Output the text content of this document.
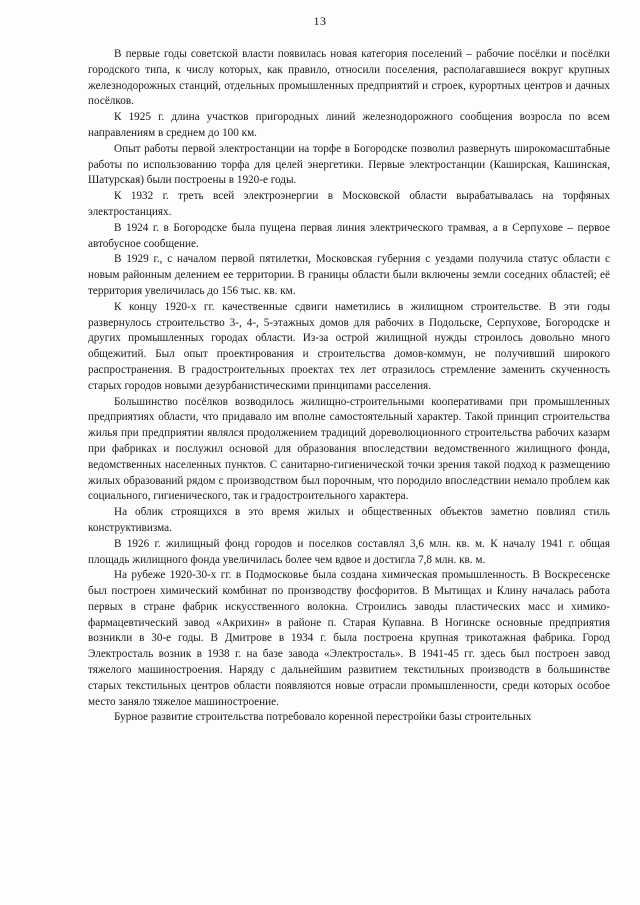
13

В первые годы советской власти появилась новая категория поселений – рабочие посёлки и посёлки городского типа, к числу которых, как правило, относили поселения, располагавшиеся вокруг крупных железнодорожных станций, отдельных промышленных предприятий и строек, курортных центров и дачных посёлков.

К 1925 г. длина участков пригородных линий железнодорожного сообщения возросла по всем направлениям в среднем до 100 км.

Опыт работы первой электростанции на торфе в Богородске позволил развернуть широкомасштабные работы по использованию торфа для целей энергетики. Первые электростанции (Каширская, Кашинская, Шатурская) были построены в 1920-е годы.

К 1932 г. треть всей электроэнергии в Московской области вырабатывалась на торфяных электростанциях.

В 1924 г. в Богородске была пущена первая линия электрического трамвая, а в Серпухове – первое автобусное сообщение.

В 1929 г., с началом первой пятилетки, Московская губерния с уездами получила статус области с новым районным делением ее территории. В границы области были включены земли соседних областей; её территория увеличилась до 156 тыс. кв. км.

К концу 1920-х гг. качественные сдвиги наметились в жилищном строительстве. В эти годы развернулось строительство 3-, 4-, 5-этажных домов для рабочих в Подольске, Серпухове, Богородске и других промышленных городах области. Из-за острой жилищной нужды строилось довольно много общежитий. Был опыт проектирования и строительства домов-коммун, не получивший широкого распространения. В градостроительных проектах тех лет отразилось стремление заменить скученность старых городов новыми дезурбанистическими принципами расселения.

Большинство посёлков возводилось жилищно-строительными кооперативами при промышленных предприятиях области, что придавало им вполне самостоятельный характер. Такой принцип строительства жилья при предприятии являлся продолжением традиций дореволюционного строительства рабочих казарм при фабриках и послужил основой для образования впоследствии ведомственного жилищного фонда, ведомственных населенных пунктов. С санитарно-гигиенической точки зрения такой подход к размещению жилых образований рядом с производством был порочным, что породило впоследствии немало проблем как социального, гигиенического, так и градостроительного характера.

На облик строящихся в это время жилых и общественных объектов заметно повлиял стиль конструктивизма.

В 1926 г. жилищный фонд городов и поселков составлял 3,6 млн. кв. м. К началу 1941 г. общая площадь жилищного фонда увеличилась более чем вдвое и достигла 7,8 млн. кв. м.

На рубеже 1920-30-х гг. в Подмосковье была создана химическая промышленность. В Воскресенске был построен химический комбинат по производству фосфоритов. В Мытищах и Клину началась работа первых в стране фабрик искусственного волокна. Строились заводы пластических масс и химико-фармацевтический завод «Акрихин» в районе п. Старая Купавна. В Ногинске основные предприятия возникли в 30-е годы. В Дмитрове в 1934 г. была построена крупная трикотажная фабрика. Город Электросталь возник в 1938 г. на базе завода «Электросталь». В 1941-45 гг. здесь был построен завод тяжелого машиностроения. Наряду с дальнейшим развитием текстильных производств в большинстве старых текстильных центров области появляются новые отрасли промышленности, среди которых особое место заняло тяжелое машиностроение.

Бурное развитие строительства потребовало коренной перестройки базы строительных
